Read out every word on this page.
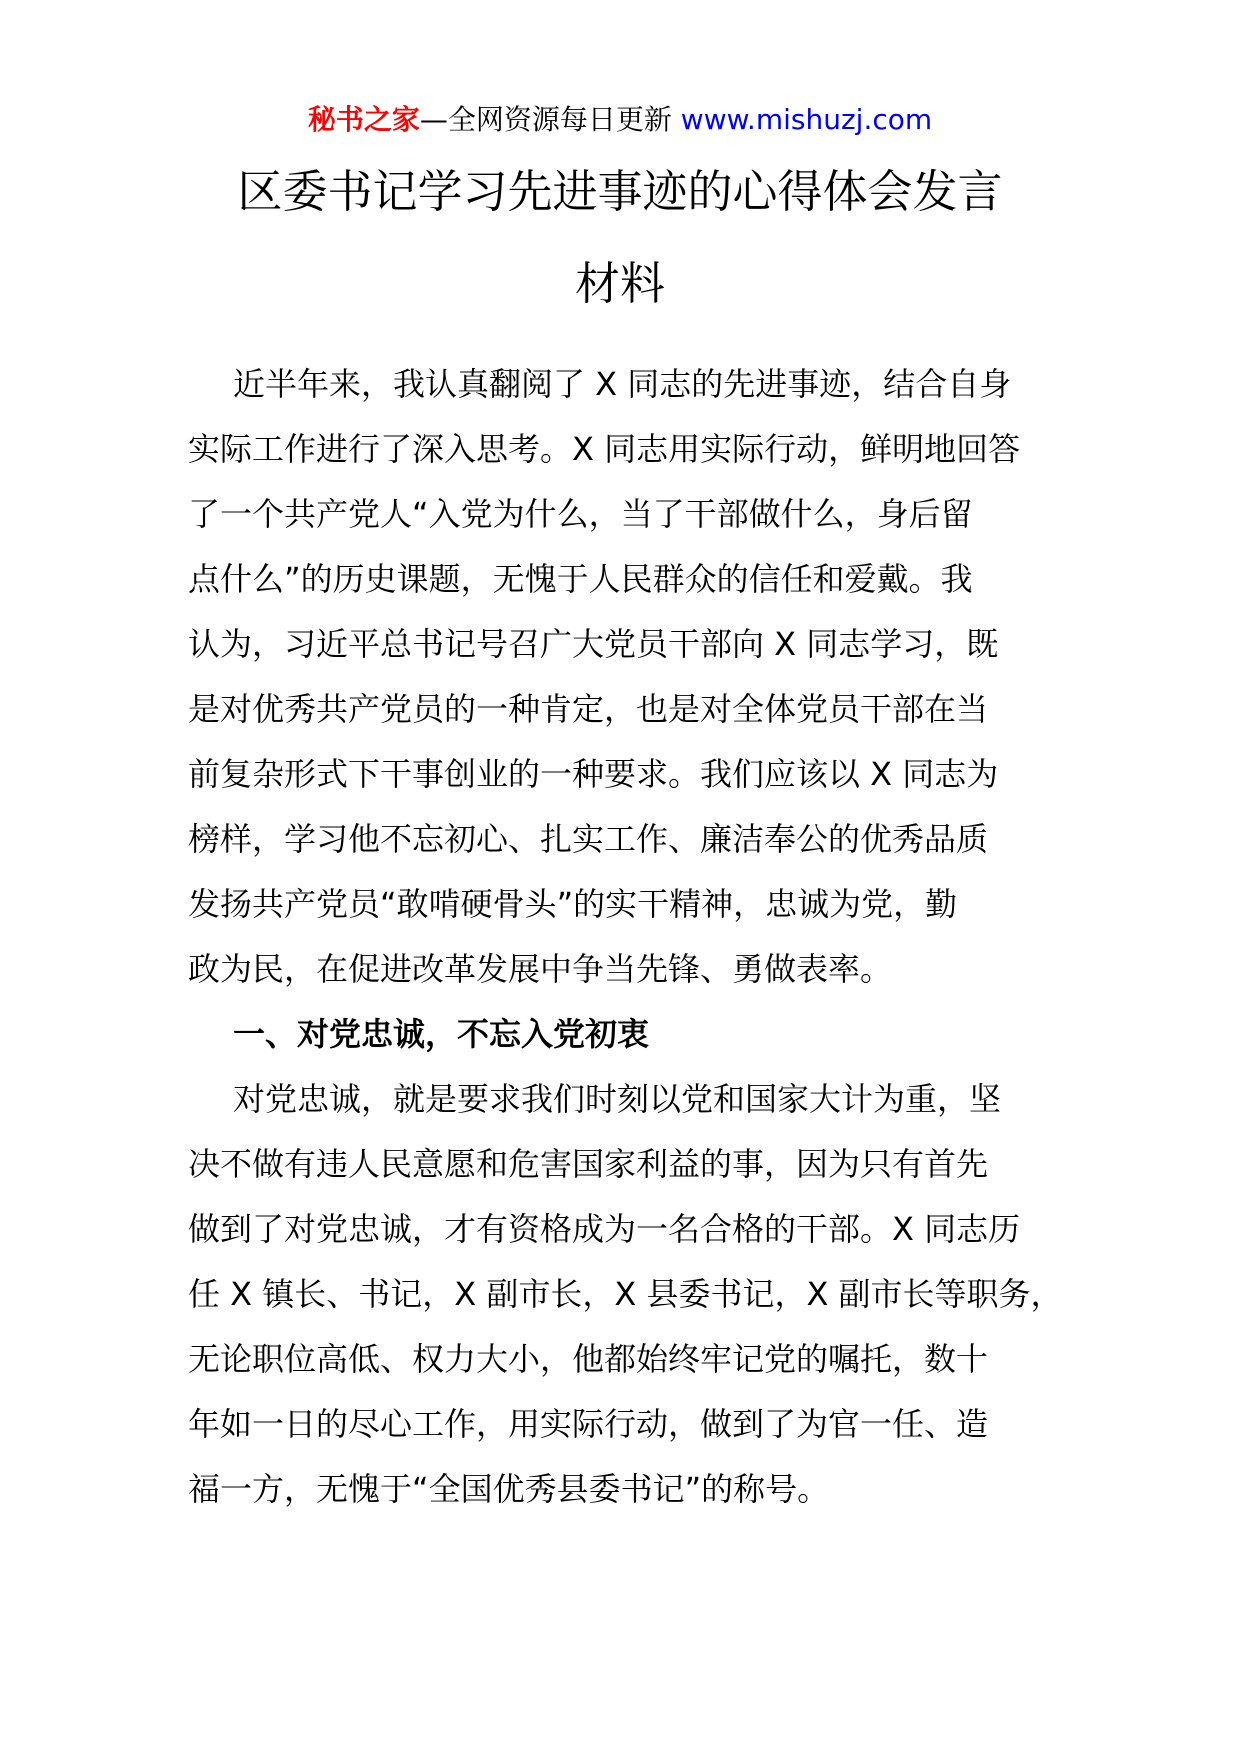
秘书之家—全网资源每日更新 www.mishuzj.com
区委书记学习先进事迹的心得体会发言
材料
近半年来，我认真翻阅了 X 同志的先进事迹，结合自身
实际工作进行了深入思考。X 同志用实际行动，鲜明地回答
了一个共产党人“入党为什么，当了干部做什么，身后留
点什么”的历史课题，无愧于人民群众的信任和爱戴。我
认为，习近平总书记号召广大党员干部向 X 同志学习，既
是对优秀共产党员的一种肯定，也是对全体党员干部在当
前复杂形式下干事创业的一种要求。我们应该以 X 同志为
榜样，学习他不忘初心、扎实工作、廉洁奉公的优秀品质
发扬共产党员“敢啃硬骨头”的实干精神，忠诚为党，勤
政为民，在促进改革发展中争当先锋、勇做表率。
一、对党忠诚，不忘入党初衷
对党忠诚，就是要求我们时刻以党和国家大计为重，坚
决不做有违人民意愿和危害国家利益的事，因为只有首先
做到了对党忠诚，才有资格成为一名合格的干部。X 同志历
任 X 镇长、书记，X 副市长，X 县委书记，X 副市长等职务，
无论职位高低、权力大小，他都始终牢记党的嘱托，数十
年如一日的尽心工作，用实际行动，做到了为官一任、造
福一方，无愧于“全国优秀县委书记”的称号。
